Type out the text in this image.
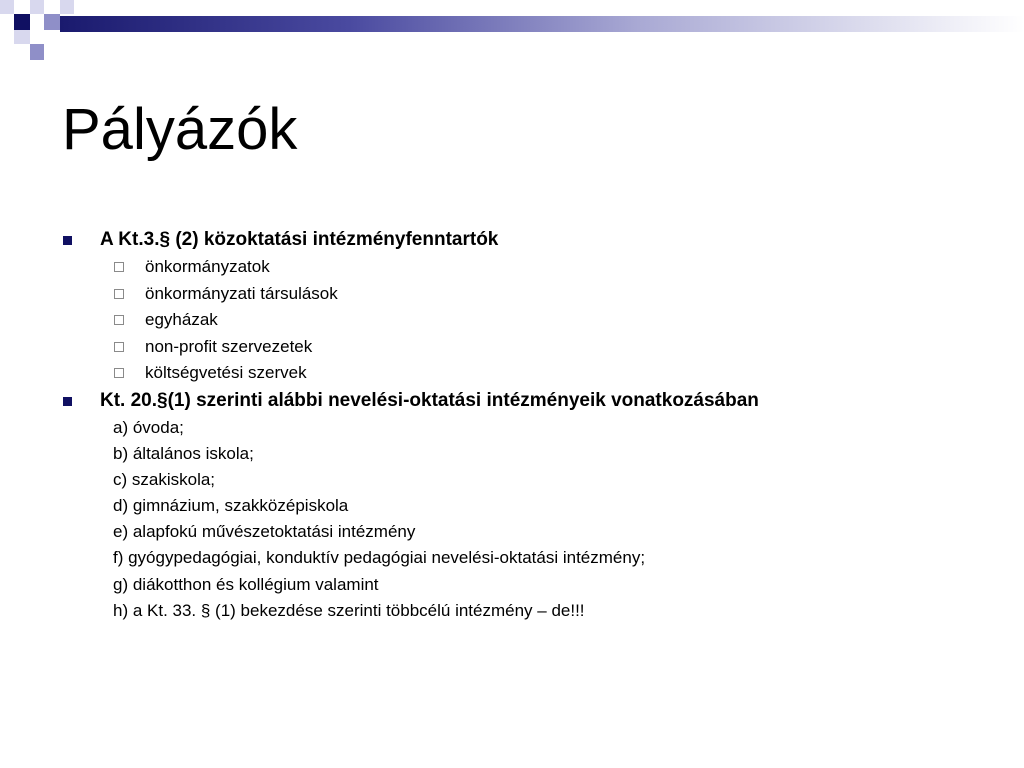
Pályázók
A Kt.3.§ (2) közoktatási intézményfenntartók
önkormányzatok
önkormányzati társulások
egyházak
non-profit szervezetek
költségvetési szervek
Kt. 20.§(1) szerinti alábbi nevelési-oktatási intézményeik vonatkozásában
a) óvoda;
b) általános iskola;
c) szakiskola;
d) gimnázium, szakközépiskola
e) alapfokú művészetoktatási intézmény
f) gyógypedagógiai, konduktív pedagógiai nevelési-oktatási intézmény;
g) diákotthon és kollégium valamint
h) a Kt. 33. § (1) bekezdése szerinti többcélú intézmény – de!!!
